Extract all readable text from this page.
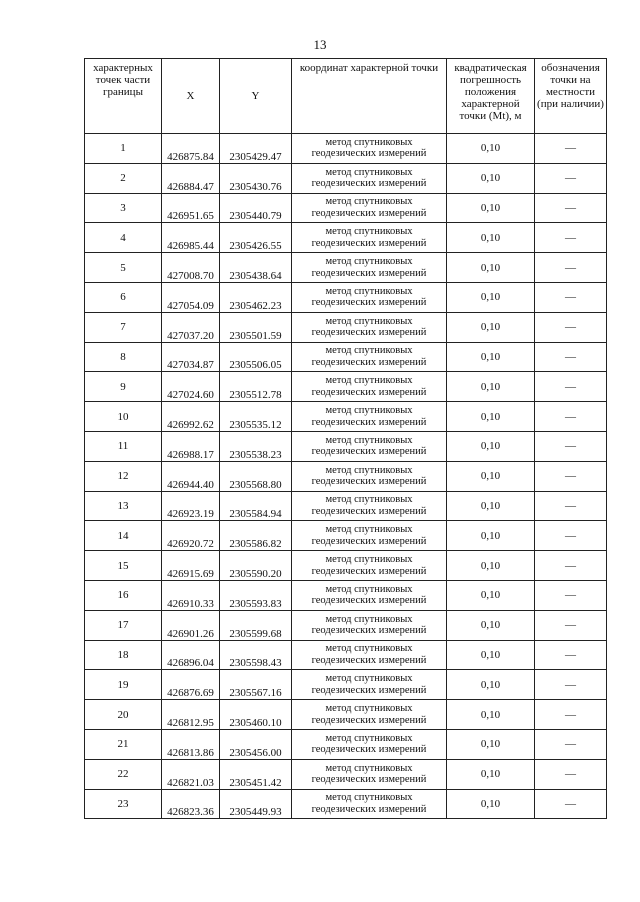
13
характерных точек части границы	X	Y	координат характерной точки	квадратическая погрешность положения характерной точки (Mt), м	обозначения точки на местности (при наличии)

1	426875.84	2305429.47	метод спутниковых геодезических измерений	0,10	—
2	426884.47	2305430.76	метод спутниковых геодезических измерений	0,10	—
3	426951.65	2305440.79	метод спутниковых геодезических измерений	0,10	—
4	426985.44	2305426.55	метод спутниковых геодезических измерений	0,10	—
5	427008.70	2305438.64	метод спутниковых геодезических измерений	0,10	—
6	427054.09	2305462.23	метод спутниковых геодезических измерений	0,10	—
7	427037.20	2305501.59	метод спутниковых геодезических измерений	0,10	—
8	427034.87	2305506.05	метод спутниковых геодезических измерений	0,10	—
9	427024.60	2305512.78	метод спутниковых геодезических измерений	0,10	—
10	426992.62	2305535.12	метод спутниковых геодезических измерений	0,10	—
11	426988.17	2305538.23	метод спутниковых геодезических измерений	0,10	—
12	426944.40	2305568.80	метод спутниковых геодезических измерений	0,10	—
13	426923.19	2305584.94	метод спутниковых геодезических измерений	0,10	—
14	426920.72	2305586.82	метод спутниковых геодезических измерений	0,10	—
15	426915.69	2305590.20	метод спутниковых геодезических измерений	0,10	—
16	426910.33	2305593.83	метод спутниковых геодезических измерений	0,10	—
17	426901.26	2305599.68	метод спутниковых геодезических измерений	0,10	—
18	426896.04	2305598.43	метод спутниковых геодезических измерений	0,10	—
19	426876.69	2305567.16	метод спутниковых геодезических измерений	0,10	—
20	426812.95	2305460.10	метод спутниковых геодезических измерений	0,10	—
21	426813.86	2305456.00	метод спутниковых геодезических измерений	0,10	—
22	426821.03	2305451.42	метод спутниковых геодезических измерений	0,10	—
23	426823.36	2305449.93	метод спутниковых геодезических измерений	0,10	—
